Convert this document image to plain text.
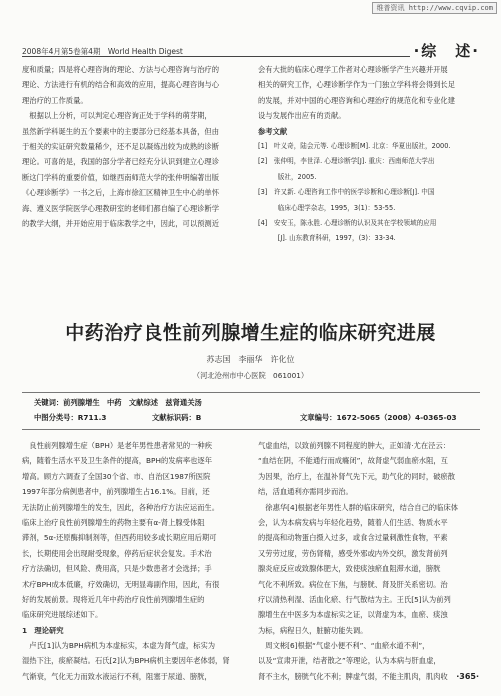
维普资讯 http://www.cqvip.com
2008年4月第5卷第4期　World Health Digest	·综　述·
度和质量；四是将心理咨询的理论、方法与心理咨询与治疗的
理论、方法进行有机的结合和高效的应用，提高心理咨询与心
理治疗的工作质量。
　根据以上分析，可以判定心理咨询正处于学科的萌芽期，
虽然新学科诞生的五个要素中的主要部分已经基本具备，但由
于相关的实证研究数量稀少，还不足以凝炼出较为成熟的诊断
理论。可喜的是，我国的部分学者已经充分认识到建立心理诊
断这门学科的重要价值，如继西南师范大学的张仲明编著出版
《心理诊断学》一书之后，上海市徐汇区精神卫生中心的单怀
海、遵义医学院医学心理教研室的老师们都自编了心理诊断学
的教学大纲，并开始应用于临床教学之中，因此，可以预测近
会有大批的临床心理学工作者对心理诊断学产生兴趣并开展
相关的研究工作，心理诊断学作为一门独立学科将会得到长足
的发展，并对中国的心理咨询和心理治疗的规范化和专业化建
设与发展作出应有的贡献。
参考文献
[1]　叶义奇，陆会元等. 心理诊断[M]. 北京：华夏出版社，2000.
[2]　张仲明，李世泽. 心理诊断学[J]. 重庆：西南师范大学出
　　　版社，2005.
[3]　许又新. 心理咨询工作中的医学诊断和心理诊断[J]. 中国
　　　临床心理学杂志，1995，3(1)：53-55.
[4]　安安玉，陈永胜. 心理诊断的认识及其在学校领域的应用
　　　[J]. 山东教育科研，1997，(3)：33-34.
中药治疗良性前列腺增生症的临床研究进展
苏志国　李丽华　许化位
（河北沧州市中心医院　061001）
关键词：前列腺增生　中药　文献综述　兹肾通关汤
中图分类号：R711.3	文献标识码：B	文章编号：1672-5065（2008）4-0365-03
　良性前列腺增生症（BPH）是老年男性患者常见的一种疾
病，随着生活水平及卫生条件的提高，BPH的发病率也逐年
增高。顾方六调查了全国30个省、市、自治区1987所医院
1997年部分病例患者中，前列腺增生占16.1%。目前，还
无法防止前列腺增生的发生，因此，各种治疗方法应运而生。
临床上治疗良性前列腺增生的药物主要有α-肾上腺受体阻
滞剂，5α-还原酶抑制剂等，但西药用较多或长期应用后期可
长，长期使用会出现耐受现象，停药后症状会复发。手术治
疗方法确切，但风险、费用高，只是少数患者才会选择；手
术疗BPH成本低廉，疗效确切，无明显毒副作用，因此，有很
好的发展前景。现将近几年中药治疗良性前列腺增生症的
临床研究进展综述如下。
1　理论研究
　卢氏[1]认为BPH病机为本虚标实，本虚为肾气虚，标实为
湿热下注，痰瘀凝结。石氏[2]认为BPH病机主要因年老体弱，肾
气渐衰，气化无力而致水液运行不利，阻塞于尿道、膀胱，
气虚血结，以致前列腺不同程度的肿大，正如清·尤在泾云：
“血结在阴，不能通行而成癃闭”，故肾虚气弱血瘀水阻，互
为因果，治疗上，在温补肾气先下元，助气化的同时，破瘀散
结，活血通利亦需同步而治。
　徐惠华[4]根据老年男性人群的临床研究，结合自己的临床体
会，认为本病发病与年轻化趋势，随着人们生活、物质水平
的提高和动物蛋白摄入过多，或食含过量刺激性食物，平素
又劳劳过度，劳伤肾精，感受外邪或内外交织，激发肾前列
腺炎症反应或致腺体肥大，致使痰浊瘀血阻滞水道，膀胱
气化不利所致。病位在下焦，与膀胱、肾及肝关系密切。治
疗以清热利湿、活血化瘀、行气散结为主。王氏[5]认为前列
腺增生在中医多为本虚标实之证，以肾虚为本，血瘀、痰浊
为标，病程日久，脏腑功能失调。
　周文彬[6]根据“气虚小便不利”、“血瘀水道不利”，
以及“宣肃开泄，结者散之”等理论，认为本病与肝血虚，
肾不主水，膀胱气化不利；脾虚气弱，不能主肌肉，肌肉收	·365·
